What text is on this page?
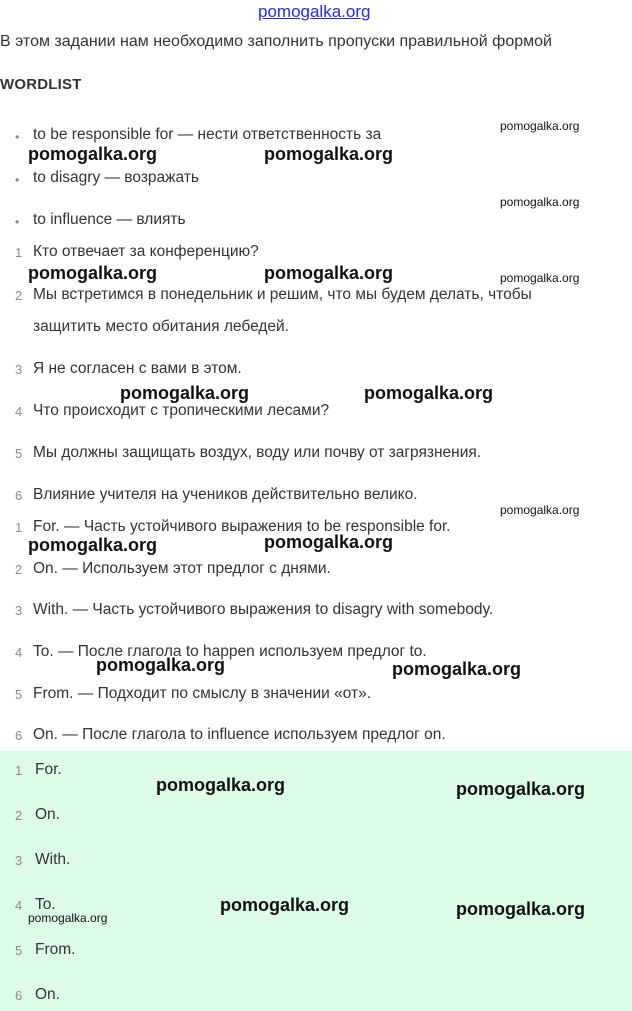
pomogalka.org
В этом задании нам необходимо заполнить пропуски правильной формой
WORDLIST
• to be responsible for — нести ответственность за
• to disagry — возражать
• to influence — влиять
1 Кто отвечает за конференцию?
2 Мы встретимся в понедельник и решим, что мы будем делать, чтобы
защитить место обитания лебедей.
3 Я не согласен с вами в этом.
4 Что происходит с тропическими лесами?
5 Мы должны защищать воздух, воду или почву от загрязнения.
6 Влияние учителя на учеников действительно велико.
1 For. — Часть устойчивого выражения to be responsible for.
2 On. — Используем этот предлог с днями.
3 With. — Часть устойчивого выражения to disagry with somebody.
4 To. — После глагола to happen используем предлог to.
5 From. — Подходит по смыслу в значении «от».
6 On. — После глагола to influence используем предлог on.
1 For.
2 On.
3 With.
4 To.
5 From.
6 On.
pomogalka.org
pomogalka.org	pomogalka.org
pomogalka.org
pomogalka.org	pomogalka.org	pomogalka.org
pomogalka.org	pomogalka.org
pomogalka.org
pomogalka.org
pomogalka.org
pomogalka.org	pomogalka.org
pomogalka.org	pomogalka.org
pomogalka.org	pomogalka.org
pomogalka.org
